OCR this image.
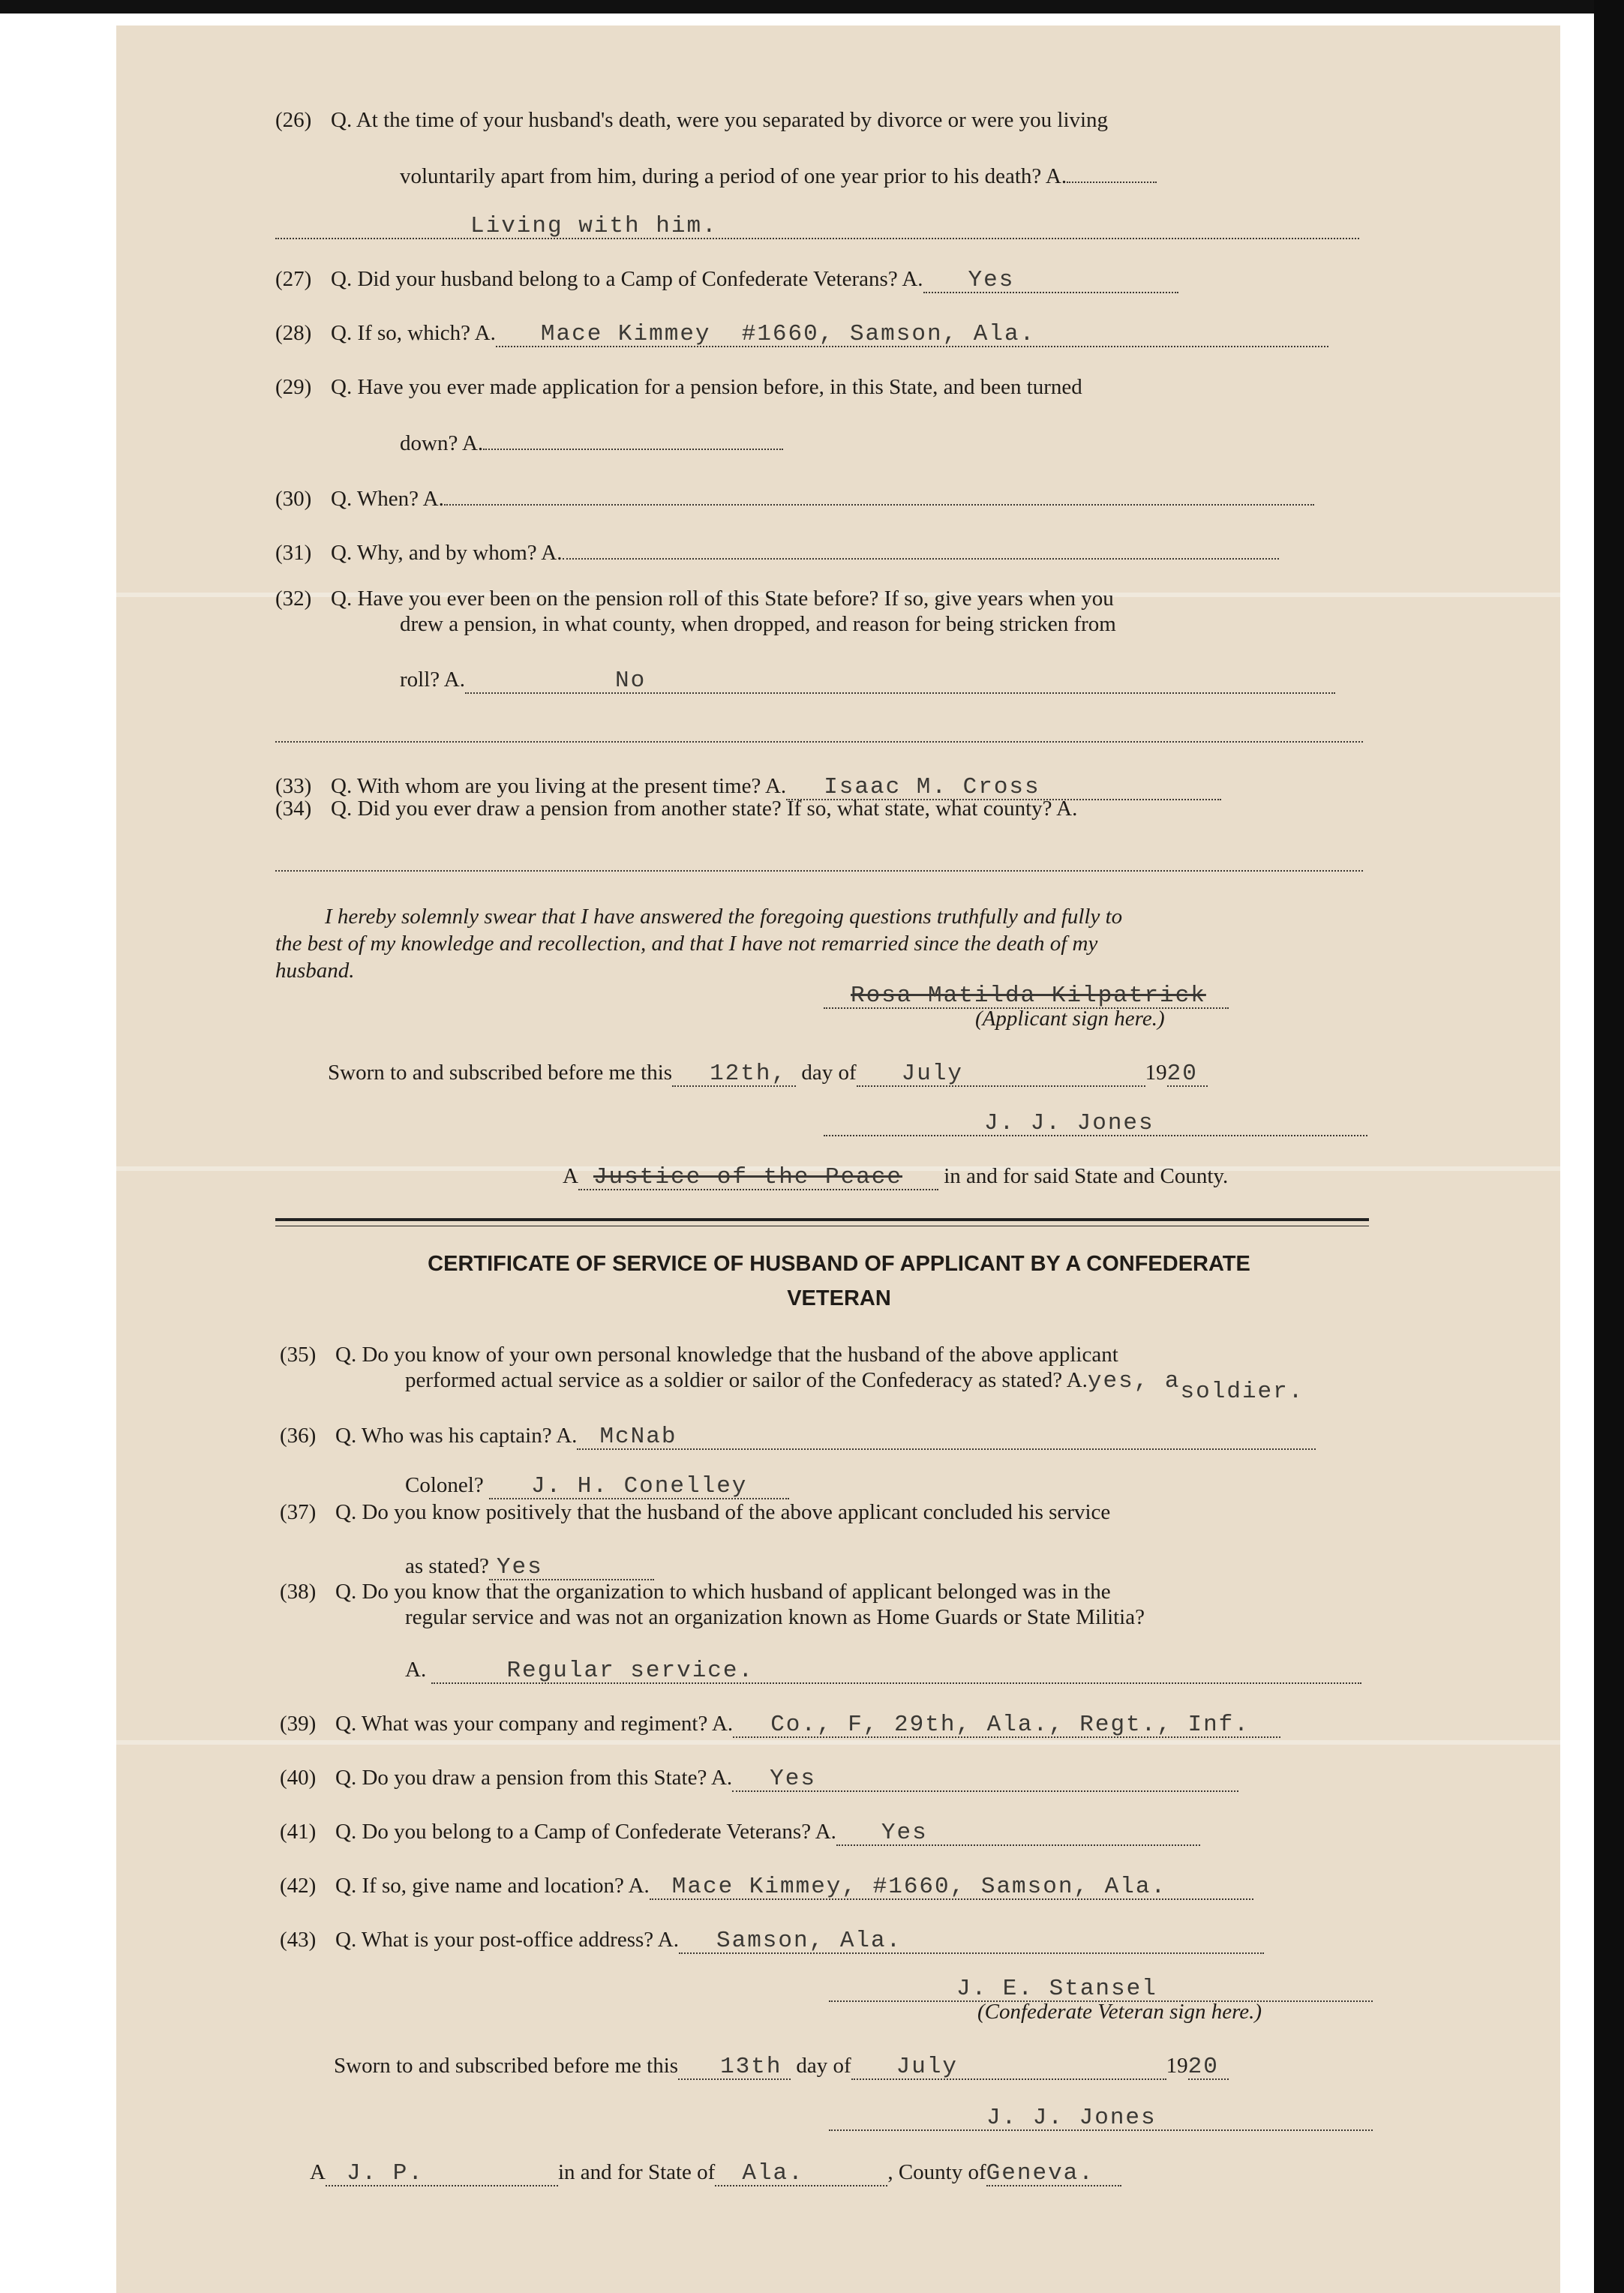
(26) Q. At the time of your husband's death, were you separated by divorce or were you living
voluntarily apart from him, during a period of one year prior to his death? A.
Living with him.
(27) Q. Did your husband belong to a Camp of Confederate Veterans? A. Yes
(28) Q. If so, which? A. Mace Kimmey  #1660, Samson, Ala.
(29) Q. Have you ever made application for a pension before, in this State, and been turned
down? A.
(30) Q. When? A.
(31) Q. Why, and by whom? A.
(32) Q. Have you ever been on the pension roll of this State before? If so, give years when you
drew a pension, in what county, when dropped, and reason for being stricken from
roll? A.	No
(33) Q. With whom are you living at the present time? A. Isaac M. Cross
(34) Q. Did you ever draw a pension from another state? If so, what state, what county? A.
I hereby solemnly swear that I have answered the foregoing questions truthfully and fully to
the best of my knowledge and recollection, and that I have not remarried since the death of my
husband.
Rosa Matilda Kilpatrick
(Applicant sign here.)
Sworn to and subscribed before me this 12th, day of July	1920
J. J. Jones
A Justice of the Peace in and for said State and County.
CERTIFICATE OF SERVICE OF HUSBAND OF APPLICANT BY A CONFEDERATE
VETERAN
(35) Q. Do you know of your own personal knowledge that the husband of the above applicant
performed actual service as a soldier or sailor of the Confederacy as stated? A.yes, asoldier.
(36) Q. Who was his captain? A. McNab
Colonel? J. H. Conelley
(37) Q. Do you know positively that the husband of the above applicant concluded his service
as stated? Yes
(38) Q. Do you know that the organization to which husband of applicant belonged was in the
regular service and was not an organization known as Home Guards or State Militia?
A.	Regular service.
(39) Q. What was your company and regiment? A. Co., F, 29th, Ala., Regt., Inf.
(40) Q. Do you draw a pension from this State? A. Yes
(41) Q. Do you belong to a Camp of Confederate Veterans? A. Yes
(42) Q. If so, give name and location? A. Mace Kimmey, #1660, Samson, Ala.
(43) Q. What is your post-office address? A. Samson, Ala.
J. E. Stansel
(Confederate Veteran sign here.)
Sworn to and subscribed before me this 13th day of July	1920
J. J. Jones
A J. P.	in and for State of Ala.	, County ofGeneva.
